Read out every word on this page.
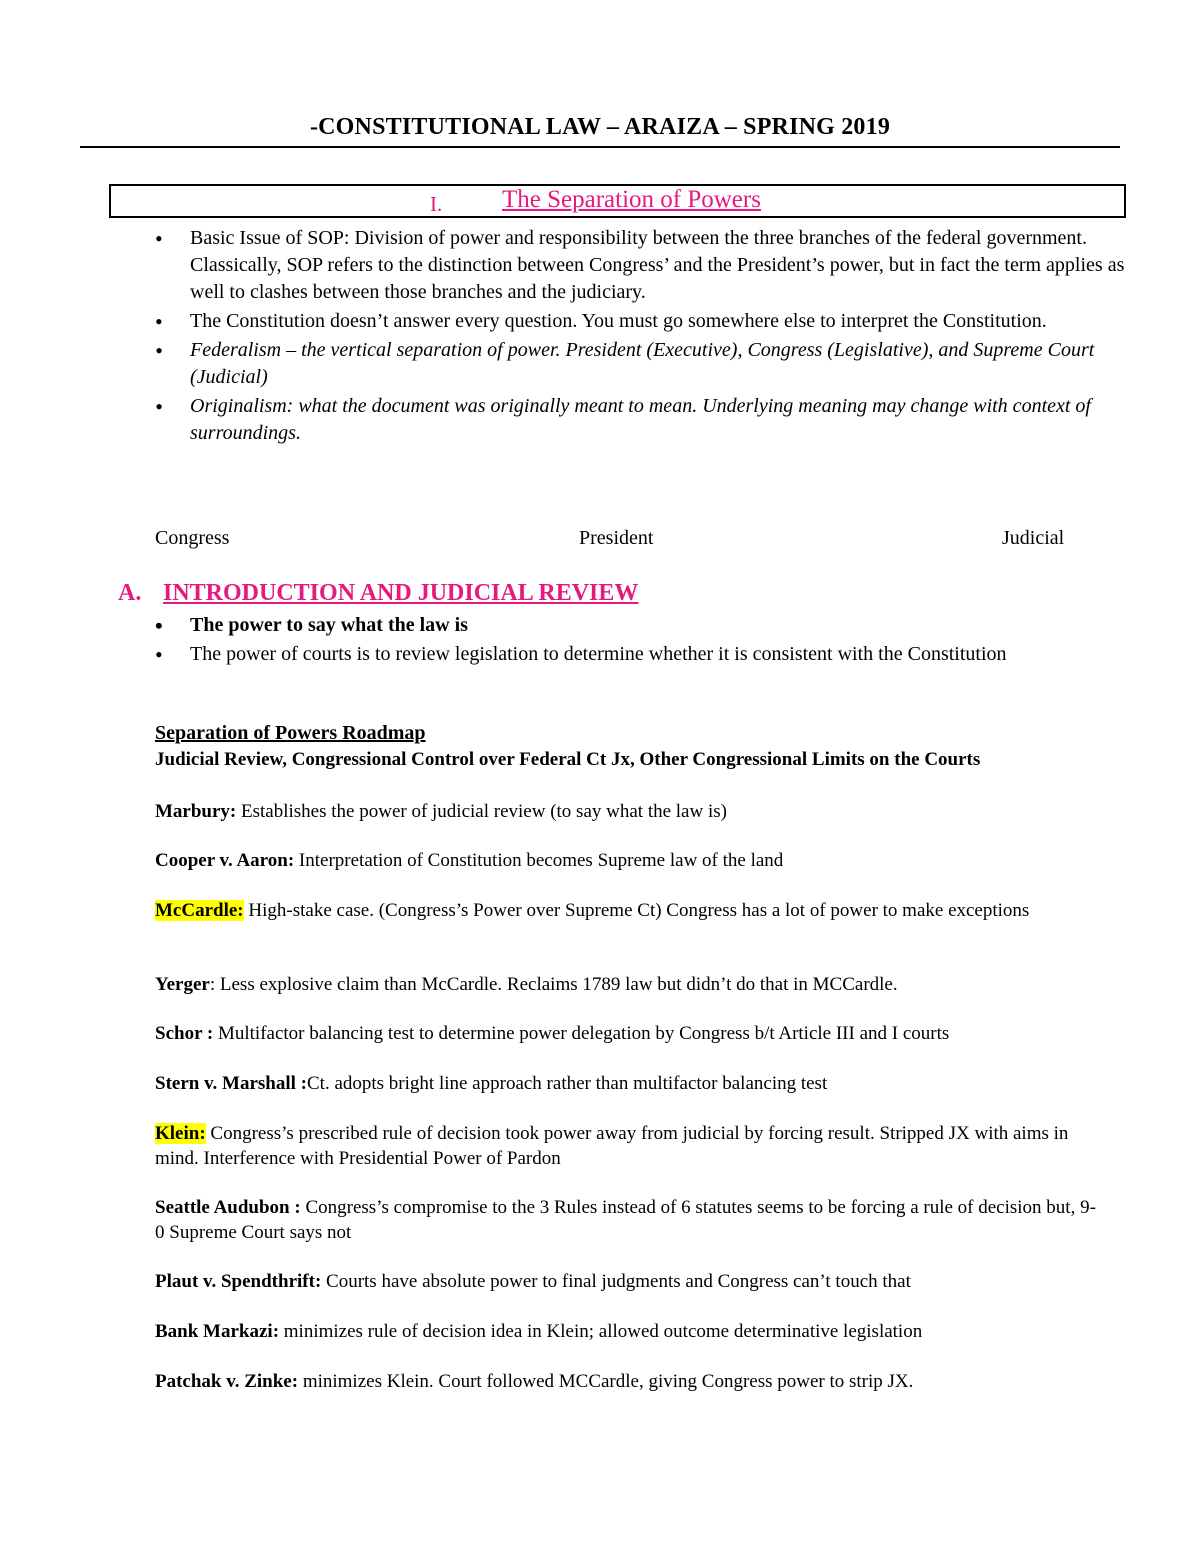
-CONSTITUTIONAL LAW – ARAIZA – SPRING 2019
I. The Separation of Powers
• Basic Issue of SOP: Division of power and responsibility between the three branches of the federal government. Classically, SOP refers to the distinction between Congress’ and the President’s power, but in fact the term applies as well to clashes between those branches and the judiciary.
• The Constitution doesn’t answer every question. You must go somewhere else to interpret the Constitution.
• Federalism – the vertical separation of power. President (Executive), Congress (Legislative), and Supreme Court (Judicial)
• Originalism: what the document was originally meant to mean. Underlying meaning may change with context of surroundings.
Congress	President	Judicial
A. INTRODUCTION AND JUDICIAL REVIEW
• The power to say what the law is
• The power of courts is to review legislation to determine whether it is consistent with the Constitution
Separation of Powers Roadmap
Judicial Review, Congressional Control over Federal Ct Jx, Other Congressional Limits on the Courts
Marbury: Establishes the power of judicial review (to say what the law is)
Cooper v. Aaron: Interpretation of Constitution becomes Supreme law of the land
McCardle: High-stake case. (Congress’s Power over Supreme Ct) Congress has a lot of power to make exceptions
Yerger: Less explosive claim than McCardle. Reclaims 1789 law but didn’t do that in MCCardle.
Schor : Multifactor balancing test to determine power delegation by Congress b/t Article III and I courts
Stern v. Marshall :Ct. adopts bright line approach rather than multifactor balancing test
Klein: Congress’s prescribed rule of decision took power away from judicial by forcing result. Stripped JX with aims in mind. Interference with Presidential Power of Pardon
Seattle Audubon : Congress’s compromise to the 3 Rules instead of 6 statutes seems to be forcing a rule of decision but, 9-0 Supreme Court says not
Plaut v. Spendthrift: Courts have absolute power to final judgments and Congress can’t touch that
Bank Markazi: minimizes rule of decision idea in Klein; allowed outcome determinative legislation
Patchak v. Zinke: minimizes Klein. Court followed MCCardle, giving Congress power to strip JX.
